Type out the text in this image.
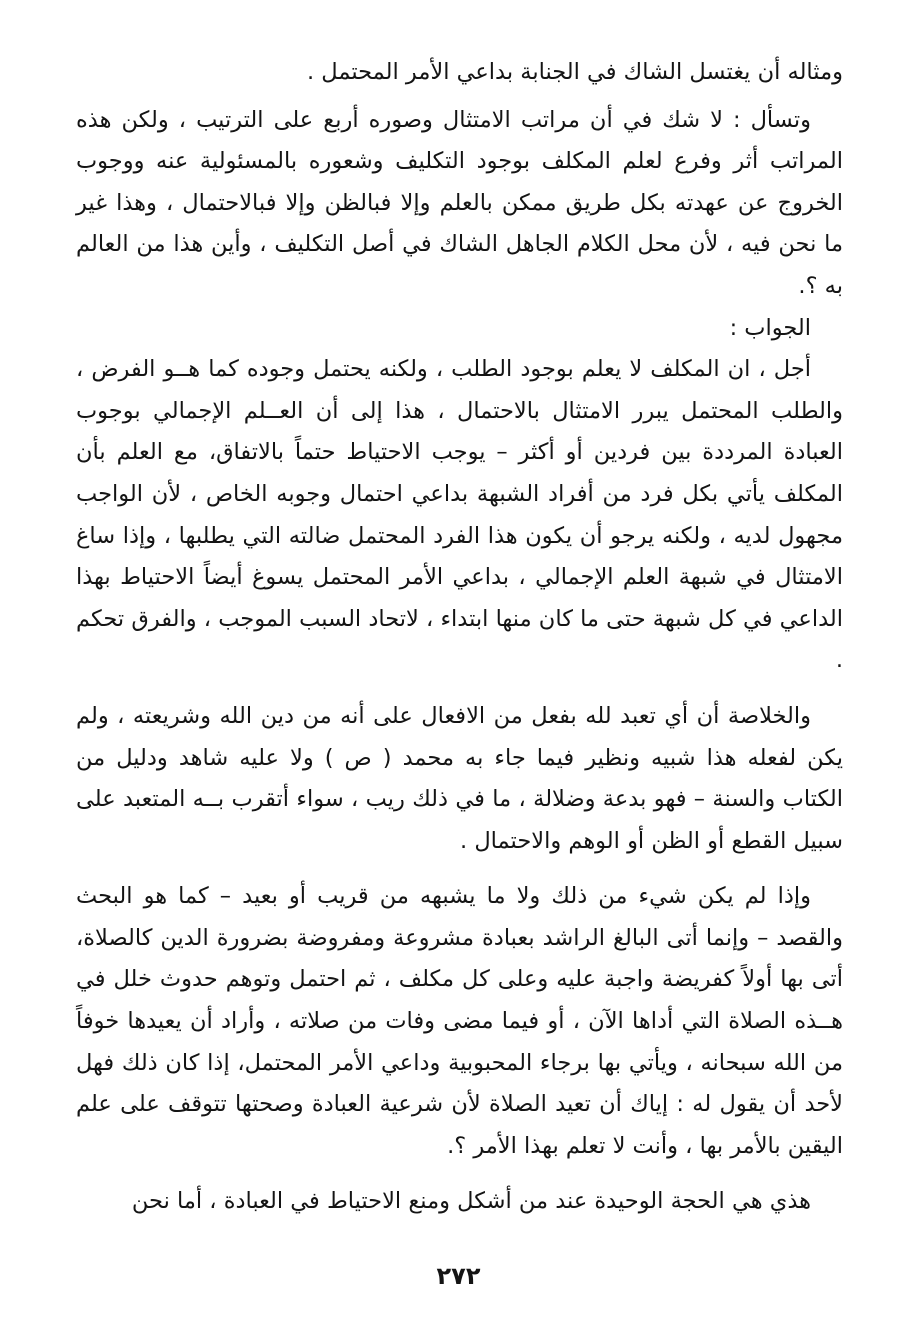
ومثاله أن يغتسل الشاك في الجنابة بداعي الأمر المحتمل .

وتسأل : لا شك في أن مراتب الامتثال وصوره أربع على الترتيب ، ولكن هذه المراتب أثر وفرع لعلم المكلف بوجود التكليف وشعوره بالمسئولية عنه ووجوب الخروج عن عهدته بكل طريق ممكن بالعلم وإلا فبالظن وإلا فبالاحتمال ، وهذا غير ما نحن فيه ، لأن محل الكلام الجاهل الشاك في أصل التكليف ، وأين هذا من العالم به ؟.

الجواب :

أجل ، ان المكلف لا يعلم بوجود الطلب ، ولكنه يحتمل وجوده كما هــو الفرض ، والطلب المحتمل يبرر الامتثال بالاحتمال ، هذا إلى أن العــلم الإجمالي بوجوب العبادة المرددة بين فردين أو أكثر – يوجب الاحتياط حتماً بالاتفاق، مع العلم بأن المكلف يأتي بكل فرد من أفراد الشبهة بداعي احتمال وجوبه الخاص ، لأن الواجب مجهول لديه ، ولكنه يرجو أن يكون هذا الفرد المحتمل ضالته التي يطلبها ، وإذا ساغ الامتثال في شبهة العلم الإجمالي ، بداعي الأمر المحتمل يسوغ أيضاً الاحتياط بهذا الداعي في كل شبهة حتى ما كان منها ابتداء ، لاتحاد السبب الموجب ، والفرق تحكم .

والخلاصة أن أي تعبد لله بفعل من الافعال على أنه من دين الله وشريعته ، ولم يكن لفعله هذا شبيه ونظير فيما جاء به محمد ( ص ) ولا عليه شاهد ودليل من الكتاب والسنة – فهو بدعة وضلالة ، ما في ذلك ريب ، سواء أتقرب بــه المتعبد على سبيل القطع أو الظن أو الوهم والاحتمال .

وإذا لم يكن شيء من ذلك ولا ما يشبهه من قريب أو بعيد – كما هو البحث والقصد – وإنما أتى البالغ الراشد بعبادة مشروعة ومفروضة بضرورة الدين كالصلاة، أتى بها أولاً كفريضة واجبة عليه وعلى كل مكلف ، ثم احتمل وتوهم حدوث خلل في هــذه الصلاة التي أداها الآن ، أو فيما مضى وفات من صلاته ، وأراد أن يعيدها خوفاً من الله سبحانه ، ويأتي بها برجاء المحبوبية وداعي الأمر المحتمل، إذا كان ذلك فهل لأحد أن يقول له : إياك أن تعيد الصلاة لأن شرعية العبادة وصحتها تتوقف على علم اليقين بالأمر بها ، وأنت لا تعلم بهذا الأمر ؟.

هذي هي الحجة الوحيدة عند من أشكل ومنع الاحتياط في العبادة ، أما نحن

٢٧٢
